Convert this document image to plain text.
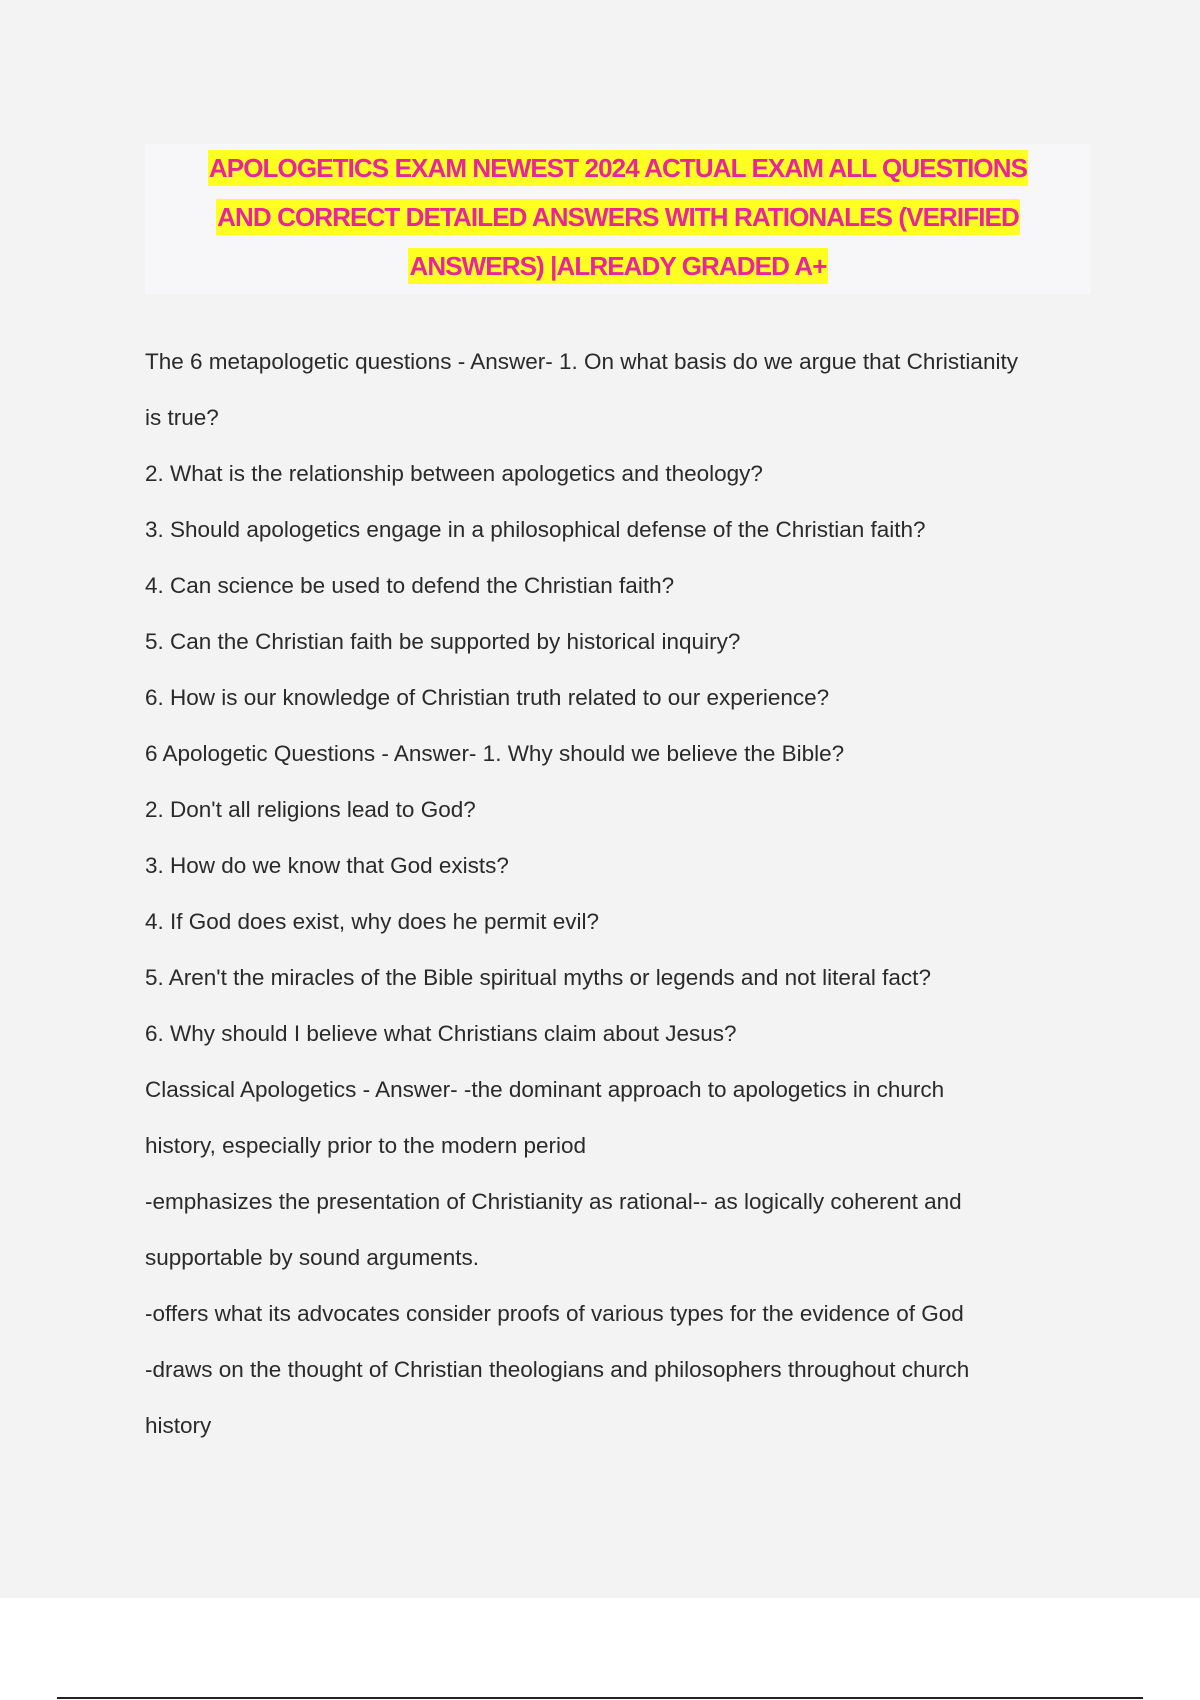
APOLOGETICS EXAM NEWEST 2024 ACTUAL EXAM ALL QUESTIONS
AND CORRECT DETAILED ANSWERS WITH RATIONALES (VERIFIED
ANSWERS) |ALREADY GRADED A+

The 6 metapologetic questions - Answer- 1. On what basis do we argue that Christianity

is true?

2. What is the relationship between apologetics and theology?

3. Should apologetics engage in a philosophical defense of the Christian faith?

4. Can science be used to defend the Christian faith?

5. Can the Christian faith be supported by historical inquiry?

6. How is our knowledge of Christian truth related to our experience?

6 Apologetic Questions - Answer- 1. Why should we believe the Bible?

2. Don't all religions lead to God?

3. How do we know that God exists?

4. If God does exist, why does he permit evil?

5. Aren't the miracles of the Bible spiritual myths or legends and not literal fact?

6. Why should I believe what Christians claim about Jesus?

Classical Apologetics - Answer- -the dominant approach to apologetics in church

history, especially prior to the modern period

-emphasizes the presentation of Christianity as rational-- as logically coherent and

supportable by sound arguments.

-offers what its advocates consider proofs of various types for the evidence of God

-draws on the thought of Christian theologians and philosophers throughout church

history
